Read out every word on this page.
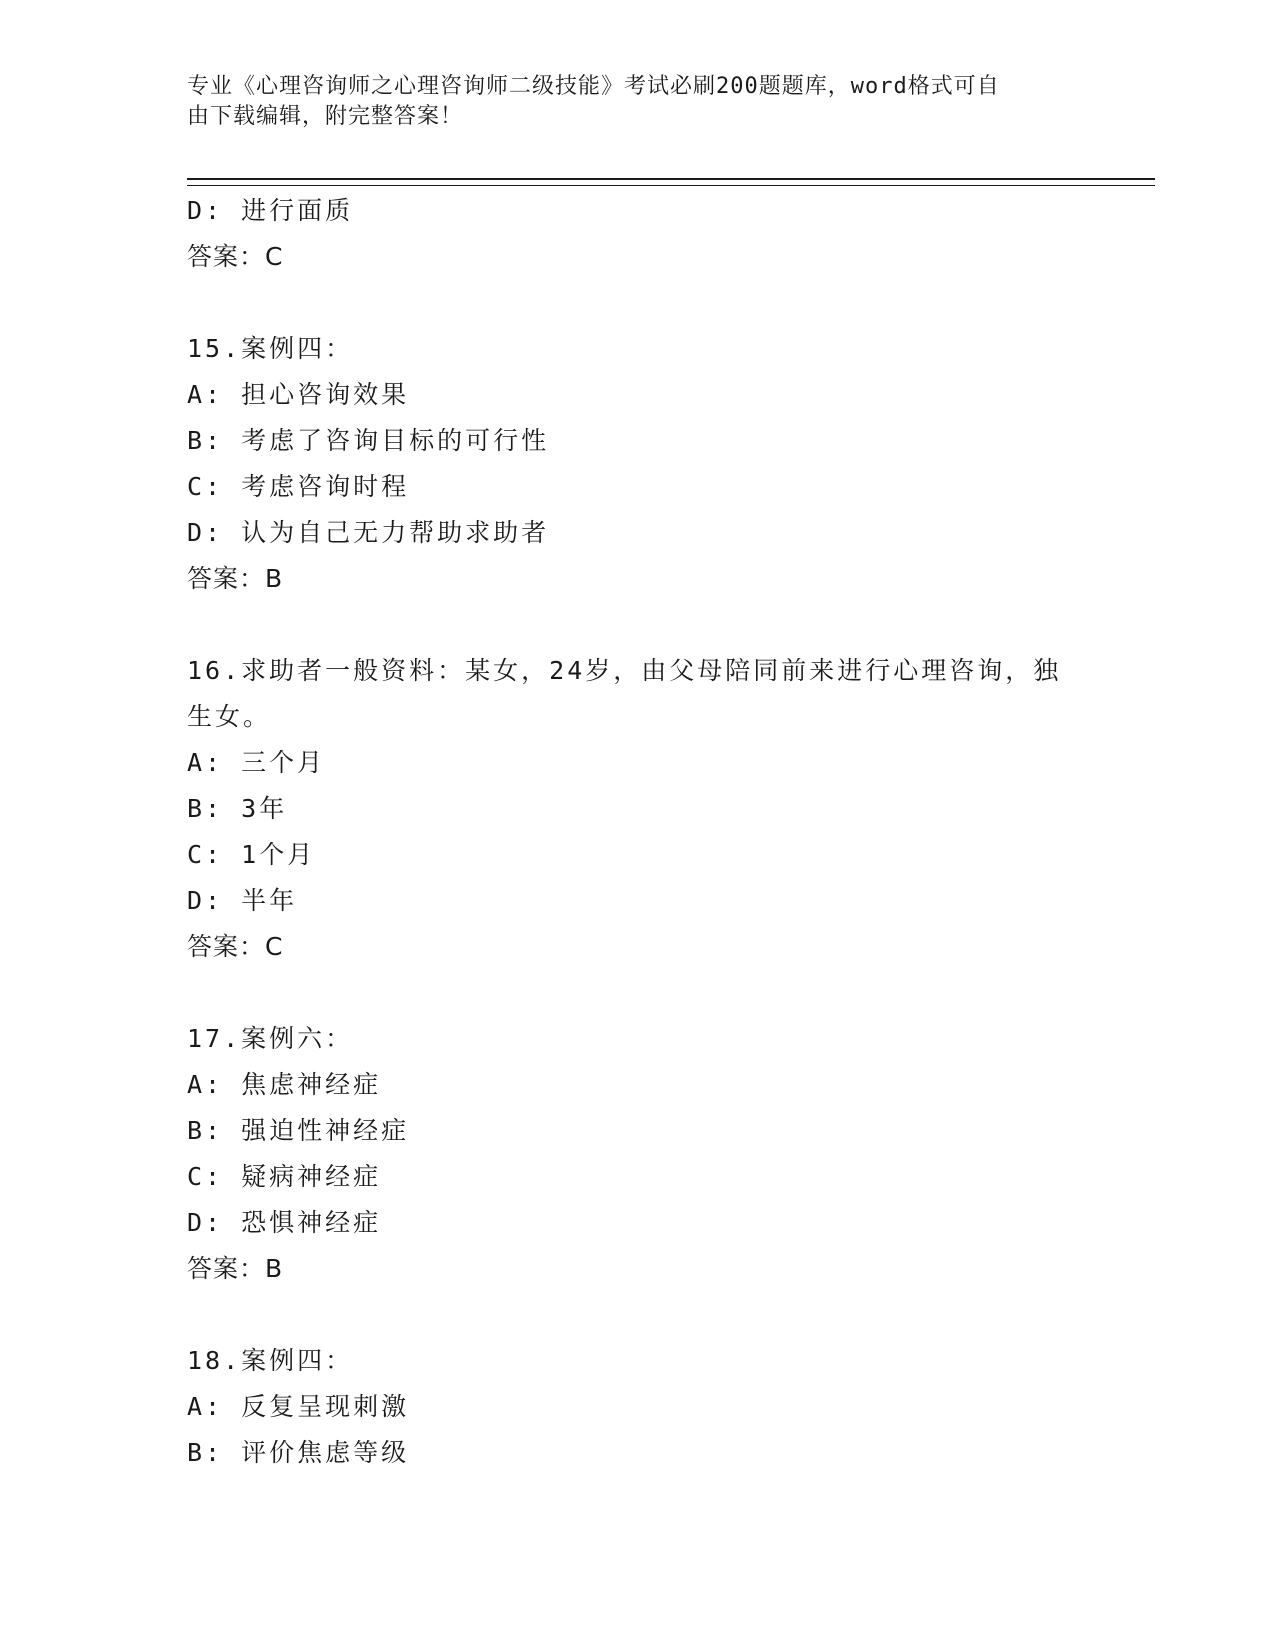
专业《心理咨询师之心理咨询师二级技能》考试必刷200题题库，word格式可自
由下载编辑，附完整答案！
D: 进行面质
答案：C
15.案例四：
A: 担心咨询效果
B: 考虑了咨询目标的可行性
C: 考虑咨询时程
D: 认为自己无力帮助求助者
答案：B
16.求助者一般资料：某女，24岁，由父母陪同前来进行心理咨询，独
生女。
A: 三个月
B: 3年
C: 1个月
D: 半年
答案：C
17.案例六：
A: 焦虑神经症
B: 强迫性神经症
C: 疑病神经症
D: 恐惧神经症
答案：B
18.案例四：
A: 反复呈现刺激
B: 评价焦虑等级
